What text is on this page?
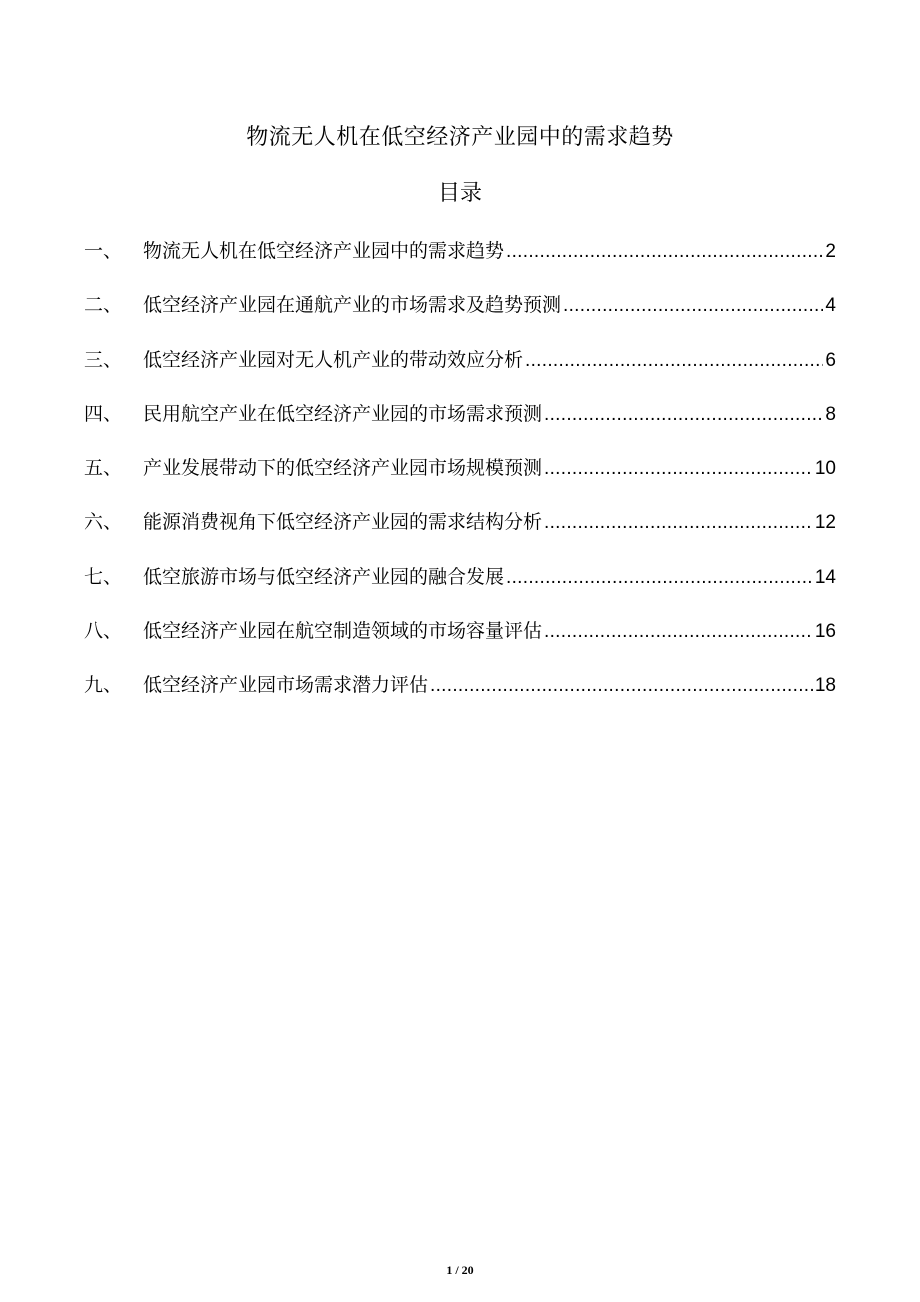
物流无人机在低空经济产业园中的需求趋势
目录
一、	物流无人机在低空经济产业园中的需求趋势 .....	2
二、	低空经济产业园在通航产业的市场需求及趋势预测 .....	4
三、	低空经济产业园对无人机产业的带动效应分析 .....	6
四、	民用航空产业在低空经济产业园的市场需求预测 .....	8
五、	产业发展带动下的低空经济产业园市场规模预测 .....	10
六、	能源消费视角下低空经济产业园的需求结构分析 .....	12
七、	低空旅游市场与低空经济产业园的融合发展 .....	14
八、	低空经济产业园在航空制造领域的市场容量评估 .....	16
九、	低空经济产业园市场需求潜力评估 .....	18
1 / 20
